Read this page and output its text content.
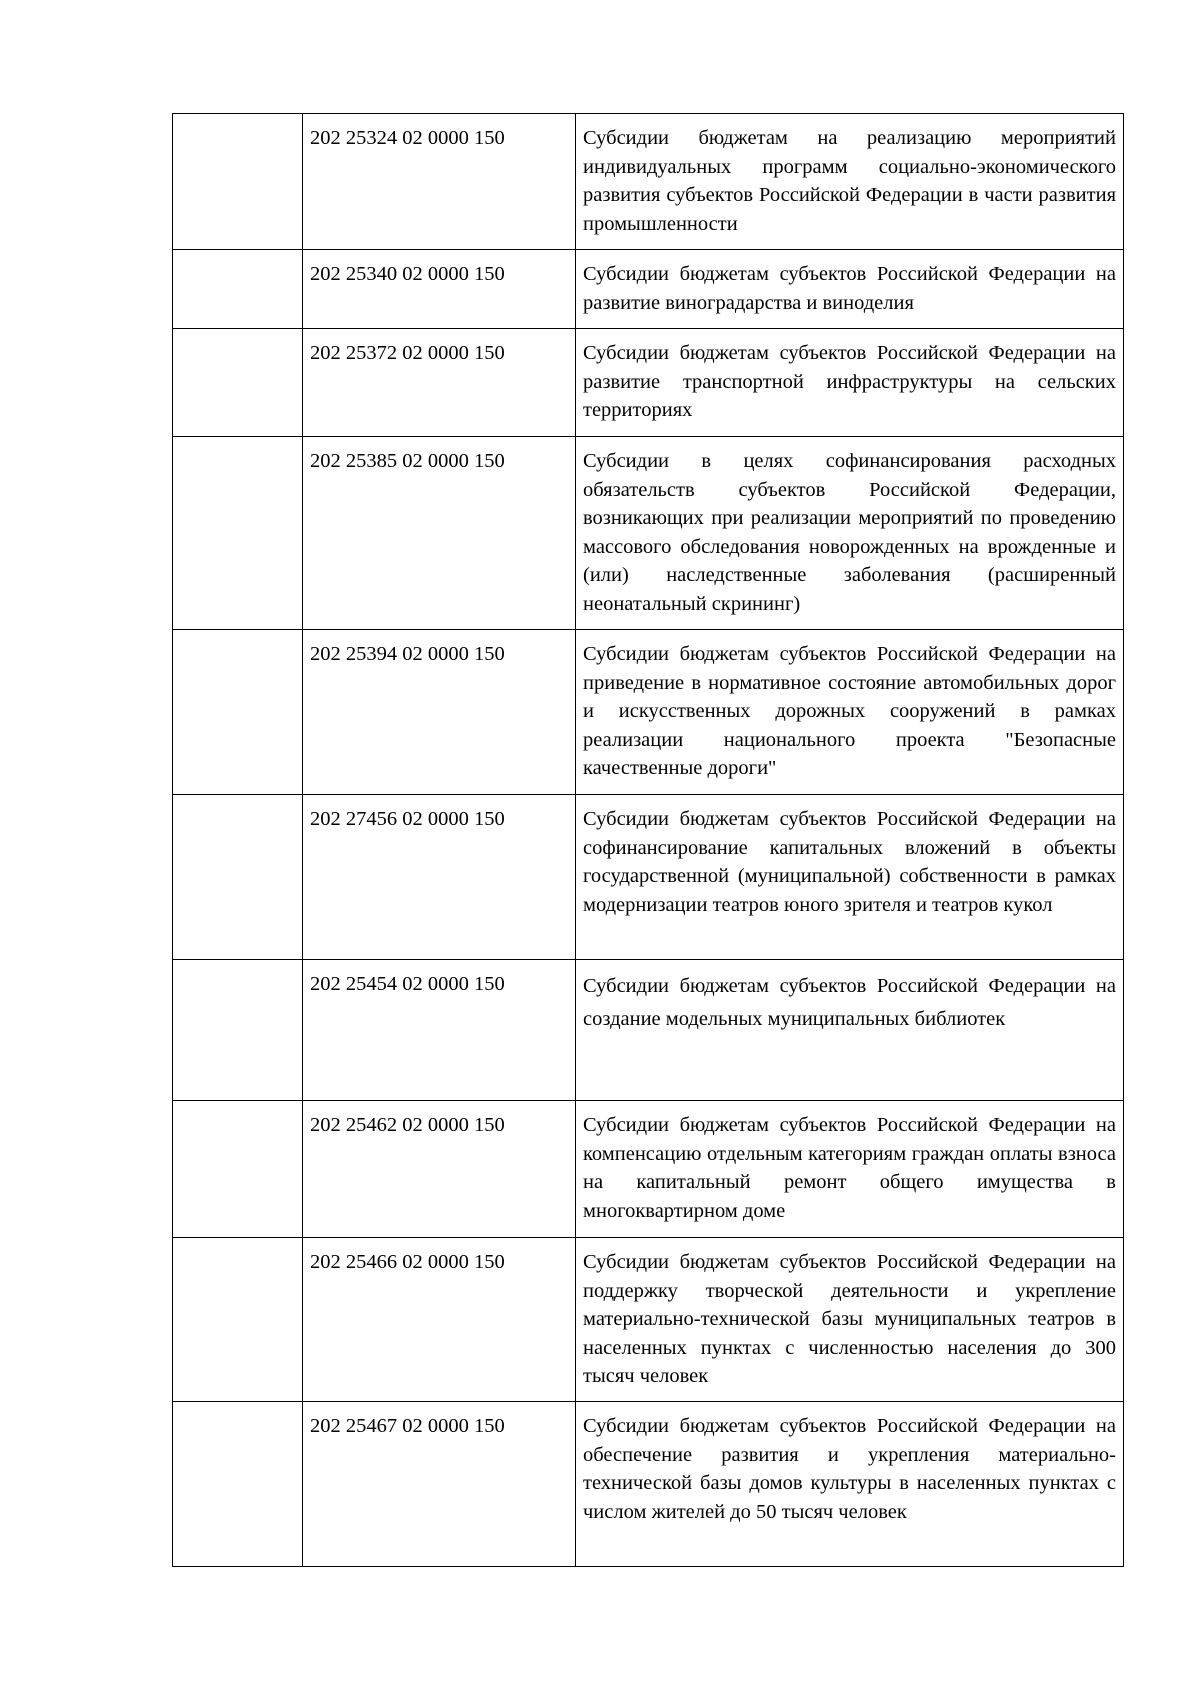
	202 25324 02 0000 150	Субсидии бюджетам на реализацию мероприятий индивидуальных программ социально-экономического развития субъектов Российской Федерации в части развития промышленности
	202 25340 02 0000 150	Субсидии бюджетам субъектов Российской Федерации на развитие виноградарства и виноделия
	202 25372 02 0000 150	Субсидии бюджетам субъектов Российской Федерации на развитие транспортной инфраструктуры на сельских территориях
	202 25385 02 0000 150	Субсидии в целях софинансирования расходных обязательств субъектов Российской Федерации, возникающих при реализации мероприятий по проведению массового обследования новорожденных на врожденные и (или) наследственные заболевания (расширенный неонатальный скрининг)
	202 25394 02 0000 150	Субсидии бюджетам субъектов Российской Федерации на приведение в нормативное состояние автомобильных дорог и искусственных дорожных сооружений в рамках реализации национального проекта "Безопасные качественные дороги"
	202 27456 02 0000 150	Субсидии бюджетам субъектов Российской Федерации на софинансирование капитальных вложений в объекты государственной (муниципальной) собственности в рамках модернизации театров юного зрителя и театров кукол
	202 25454 02 0000 150	Субсидии бюджетам субъектов Российской Федерации на создание модельных муниципальных библиотек
	202 25462 02 0000 150	Субсидии бюджетам субъектов Российской Федерации на компенсацию отдельным категориям граждан оплаты взноса на капитальный ремонт общего имущества в многоквартирном доме
	202 25466 02 0000 150	Субсидии бюджетам субъектов Российской Федерации на поддержку творческой деятельности и укрепление материально-технической базы муниципальных театров в населенных пунктах с численностью населения до 300 тысяч человек
	202 25467 02 0000 150	Субсидии бюджетам субъектов Российской Федерации на обеспечение развития и укрепления материально-технической базы домов культуры в населенных пунктах с числом жителей до 50 тысяч человек
